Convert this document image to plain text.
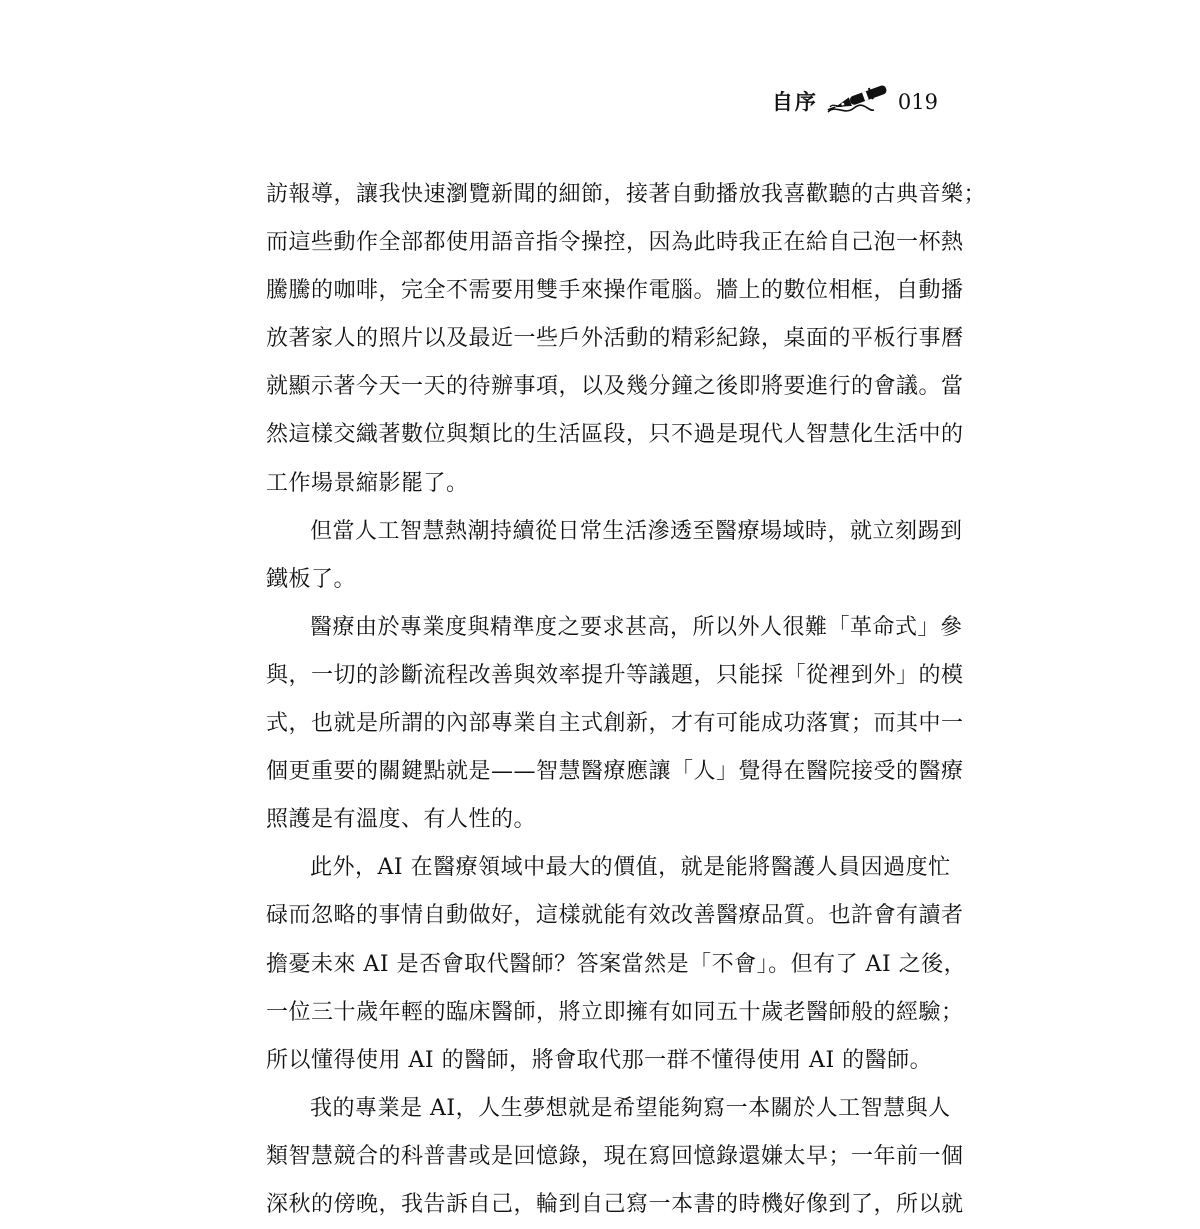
自序	019
訪報導，讓我快速瀏覽新聞的細節，接著自動播放我喜歡聽的古典音樂；
而這些動作全部都使用語音指令操控，因為此時我正在給自己泡一杯熱
騰騰的咖啡，完全不需要用雙手來操作電腦。牆上的數位相框，自動播
放著家人的照片以及最近一些戶外活動的精彩紀錄，桌面的平板行事曆
就顯示著今天一天的待辦事項，以及幾分鐘之後即將要進行的會議。當
然這樣交織著數位與類比的生活區段，只不過是現代人智慧化生活中的
工作場景縮影罷了。
但當人工智慧熱潮持續從日常生活滲透至醫療場域時，就立刻踢到
鐵板了。
醫療由於專業度與精準度之要求甚高，所以外人很難「革命式」參
與，一切的診斷流程改善與效率提升等議題，只能採「從裡到外」的模
式，也就是所謂的內部專業自主式創新，才有可能成功落實；而其中一
個更重要的關鍵點就是——智慧醫療應讓「人」覺得在醫院接受的醫療
照護是有溫度、有人性的。
此外，AI 在醫療領域中最大的價值，就是能將醫護人員因過度忙
碌而忽略的事情自動做好，這樣就能有效改善醫療品質。也許會有讀者
擔憂未來 AI 是否會取代醫師？答案當然是「不會」。但有了 AI 之後，
一位三十歲年輕的臨床醫師，將立即擁有如同五十歲老醫師般的經驗；
所以懂得使用 AI 的醫師，將會取代那一群不懂得使用 AI 的醫師。
我的專業是 AI，人生夢想就是希望能夠寫一本關於人工智慧與人
類智慧競合的科普書或是回憶錄，現在寫回憶錄還嫌太早；一年前一個
深秋的傍晚，我告訴自己，輪到自己寫一本書的時機好像到了，所以就
